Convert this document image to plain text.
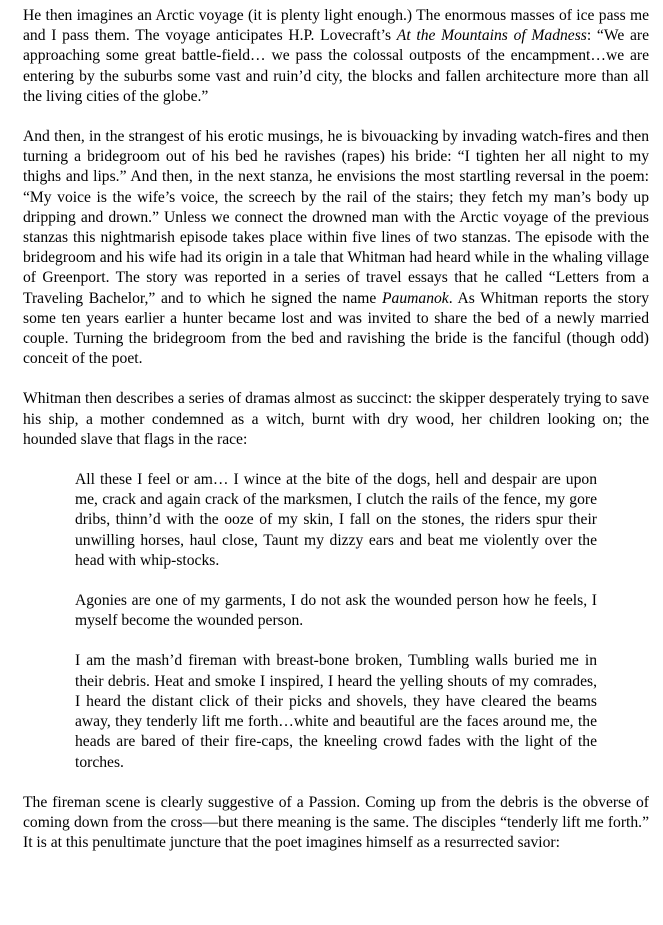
He then imagines an Arctic voyage (it is plenty light enough.) The enormous masses of ice pass me and I pass them. The voyage anticipates H.P. Lovecraft’s At the Mountains of Madness: “We are approaching some great battle-field… we pass the colossal outposts of the encampment…we are entering by the suburbs some vast and ruin’d city, the blocks and fallen architecture more than all the living cities of the globe.”

And then, in the strangest of his erotic musings, he is bivouacking by invading watch-fires and then turning a bridegroom out of his bed he ravishes (rapes) his bride: “I tighten her all night to my thighs and lips.” And then, in the next stanza, he envisions the most startling reversal in the poem: “My voice is the wife’s voice, the screech by the rail of the stairs; they fetch my man’s body up dripping and drown.” Unless we connect the drowned man with the Arctic voyage of the previous stanzas this nightmarish episode takes place within five lines of two stanzas. The episode with the bridegroom and his wife had its origin in a tale that Whitman had heard while in the whaling village of Greenport. The story was reported in a series of travel essays that he called “Letters from a Traveling Bachelor,” and to which he signed the name Paumanok. As Whitman reports the story some ten years earlier a hunter became lost and was invited to share the bed of a newly married couple. Turning the bridegroom from the bed and ravishing the bride is the fanciful (though odd) conceit of the poet.

Whitman then describes a series of dramas almost as succinct: the skipper desperately trying to save his ship, a mother condemned as a witch, burnt with dry wood, her children looking on; the hounded slave that flags in the race:

All these I feel or am… I wince at the bite of the dogs, hell and despair are upon me, crack and again crack of the marksmen, I clutch the rails of the fence, my gore dribs, thinn’d with the ooze of my skin, I fall on the stones, the riders spur their unwilling horses, haul close, Taunt my dizzy ears and beat me violently over the head with whip-stocks.

Agonies are one of my garments, I do not ask the wounded person how he feels, I myself become the wounded person.

I am the mash’d fireman with breast-bone broken, Tumbling walls buried me in their debris. Heat and smoke I inspired, I heard the yelling shouts of my comrades, I heard the distant click of their picks and shovels, they have cleared the beams away, they tenderly lift me forth…white and beautiful are the faces around me, the heads are bared of their fire-caps, the kneeling crowd fades with the light of the torches.

The fireman scene is clearly suggestive of a Passion. Coming up from the debris is the obverse of coming down from the cross—but there meaning is the same. The disciples “tenderly lift me forth.” It is at this penultimate juncture that the poet imagines himself as a resurrected savior:
